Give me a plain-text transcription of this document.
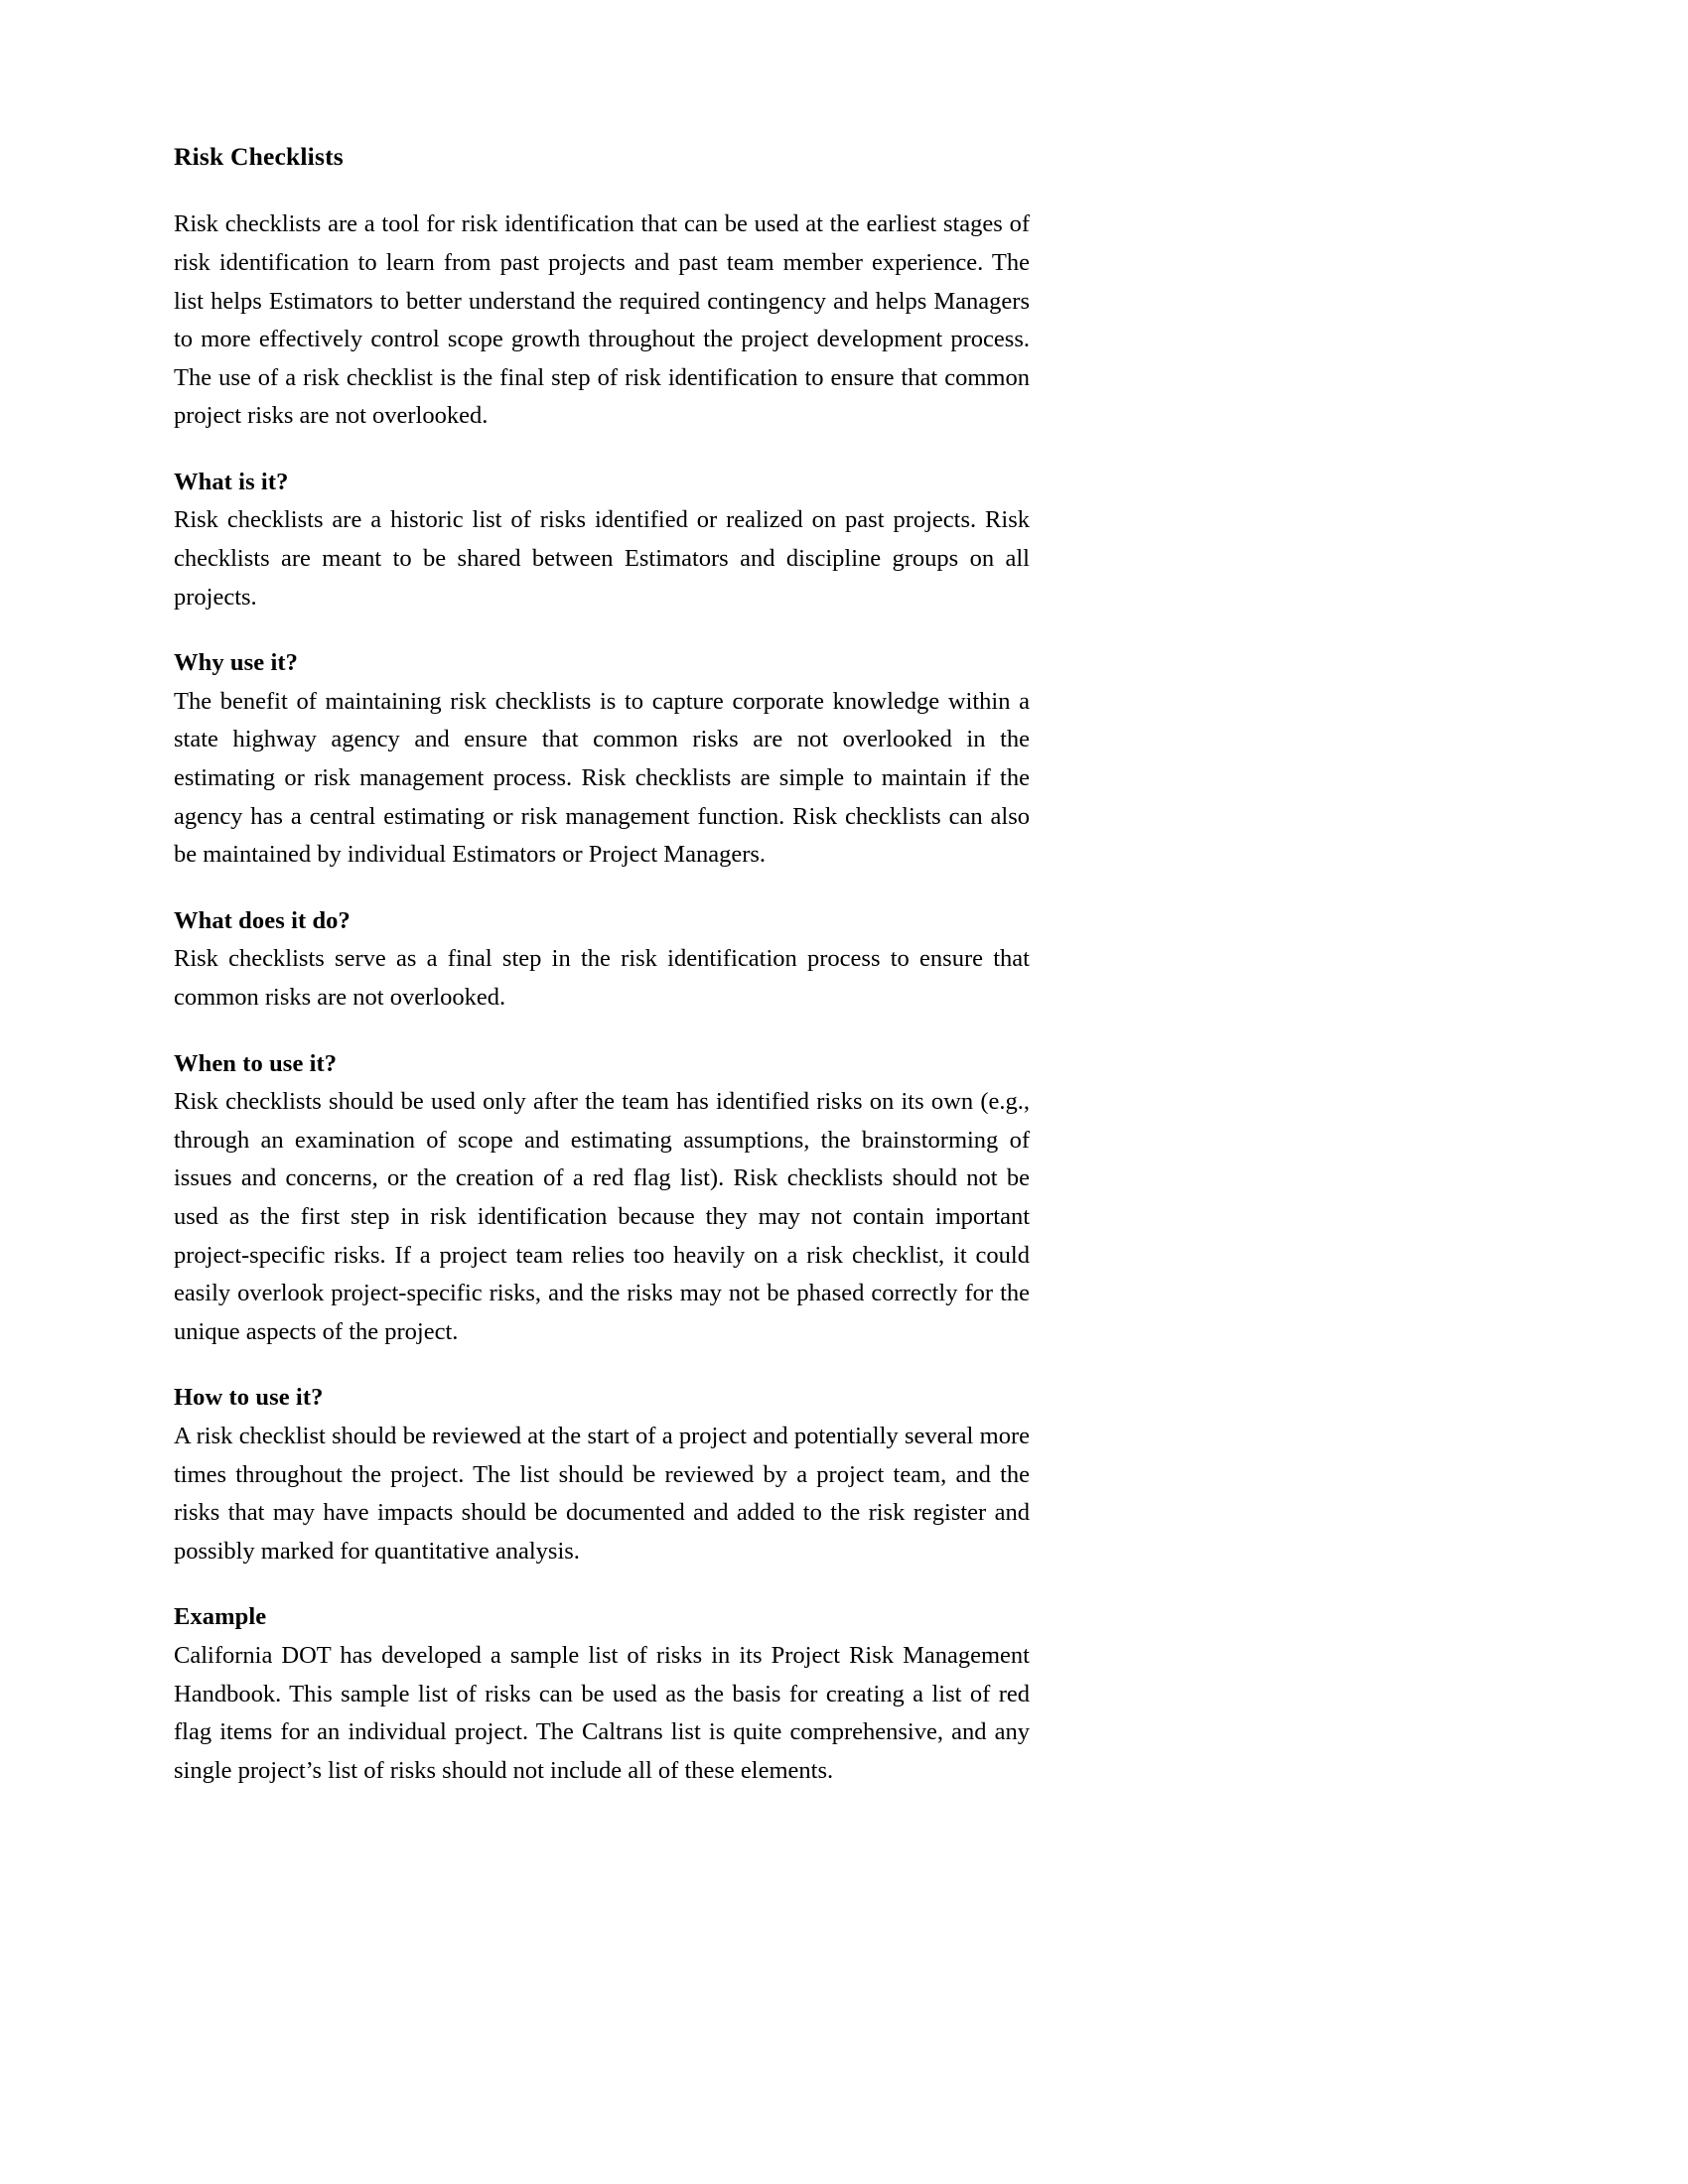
Risk Checklists

Risk checklists are a tool for risk identification that can be used at the earliest stages of risk identification to learn from past projects and past team member experience. The list helps Estimators to better understand the required contingency and helps Managers to more effectively control scope growth throughout the project development process. The use of a risk checklist is the final step of risk identification to ensure that common project risks are not overlooked.

What is it?

Risk checklists are a historic list of risks identified or realized on past projects. Risk checklists are meant to be shared between Estimators and discipline groups on all projects.

Why use it?

The benefit of maintaining risk checklists is to capture corporate knowledge within a state highway agency and ensure that common risks are not overlooked in the estimating or risk management process. Risk checklists are simple to maintain if the agency has a central estimating or risk management function. Risk checklists can also be maintained by individual Estimators or Project Managers.

What does it do?

Risk checklists serve as a final step in the risk identification process to ensure that common risks are not overlooked.

When to use it?

Risk checklists should be used only after the team has identified risks on its own (e.g., through an examination of scope and estimating assumptions, the brainstorming of issues and concerns, or the creation of a red flag list). Risk checklists should not be used as the first step in risk identification because they may not contain important project-specific risks. If a project team relies too heavily on a risk checklist, it could easily overlook project-specific risks, and the risks may not be phased correctly for the unique aspects of the project.

How to use it?

A risk checklist should be reviewed at the start of a project and potentially several more times throughout the project. The list should be reviewed by a project team, and the risks that may have impacts should be documented and added to the risk register and possibly marked for quantitative analysis.

Example

California DOT has developed a sample list of risks in its Project Risk Management Handbook. This sample list of risks can be used as the basis for creating a list of red flag items for an individual project. The Caltrans list is quite comprehensive, and any single project’s list of risks should not include all of these elements.
